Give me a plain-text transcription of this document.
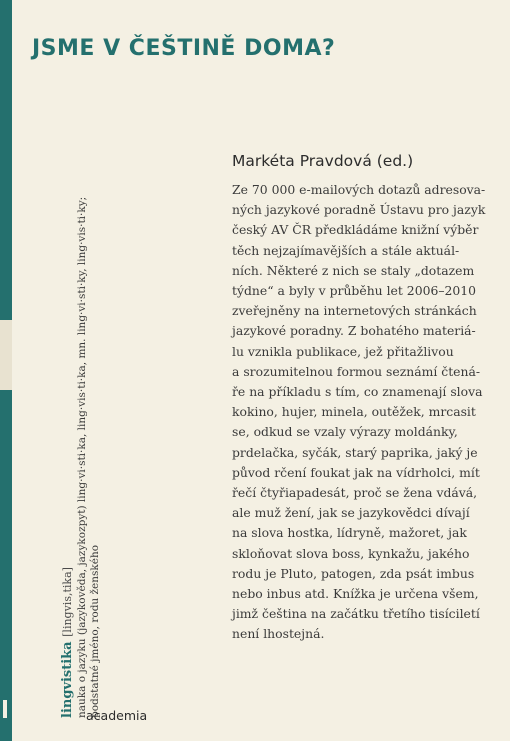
JSME V ČEŠTINĚ DOMA?
Markéta Pravdová (ed.)
Ze 70 000 e-mailových dotazů adresova-
ných jazykové poradně Ústavu pro jazyk
český AV ČR předkládáme knižní výběr
těch nejzajímavějších a stále aktuál-
ních. Některé z nich se staly „dotazem
týdne“ a byly v průběhu let 2006–2010
zveřejněny na internetových stránkách
jazykové poradny. Z bohatého materiá-
lu vznikla publikace, jež přitažlivou
a srozumitelnou formou seznámí čtená-
ře na příkladu s tím, co znamenají slova
kokino, hujer, minela, outěžek, mrcasit
se, odkud se vzaly výrazy moldánky,
prdelačka, syčák, starý paprika, jaký je
původ rčení foukat jak na vídrholci, mít
řečí čtyřiapadesát, proč se žena vdává,
ale muž žení, jak se jazykovědci dívají
na slova hostka, lídryně, mažoret, jak
skloňovat slova boss, kynkažu, jakého
rodu je Pluto, patogen, zda psát imbus
nebo inbus atd. Knížka je určena všem,
jimž čeština na začátku třetího tisíciletí
není lhostejná.
lingvistika [lingvis,tika] nauka o jazyku (jazykověda, jazykozpyt) ling·vi·sti·ka, ling·vis·ti·ka, mn. ling·vi·sti·ky, ling·vis·ti·ky; podstatné jméno, rodu ženského
academia
